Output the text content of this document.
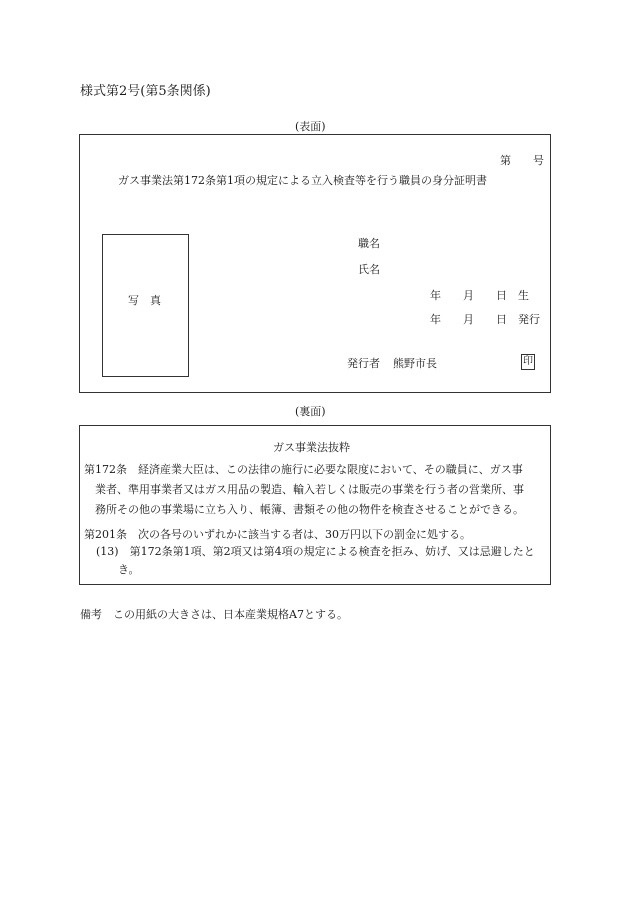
様式第2号(第5条関係)
(表面)
第　　号
ガス事業法第172条第1項の規定による立入検査等を行う職員の身分証明書
写　真
職名
氏名
年　　月　　日　生
年　　月　　日　発行
発行者 熊野市長	印
(裏面)
ガス事業法抜粋
第172条　経済産業大臣は、この法律の施行に必要な限度において、その職員に、ガス事
業者、準用事業者又はガス用品の製造、輸入若しくは販売の事業を行う者の営業所、事
務所その他の事業場に立ち入り、帳簿、書類その他の物件を検査させることができる。
第201条　次の各号のいずれかに該当する者は、30万円以下の罰金に処する。
(13)　第172条第1項、第2項又は第4項の規定による検査を拒み、妨げ、又は忌避したと
き。
備考　この用紙の大きさは、日本産業規格A7とする。
